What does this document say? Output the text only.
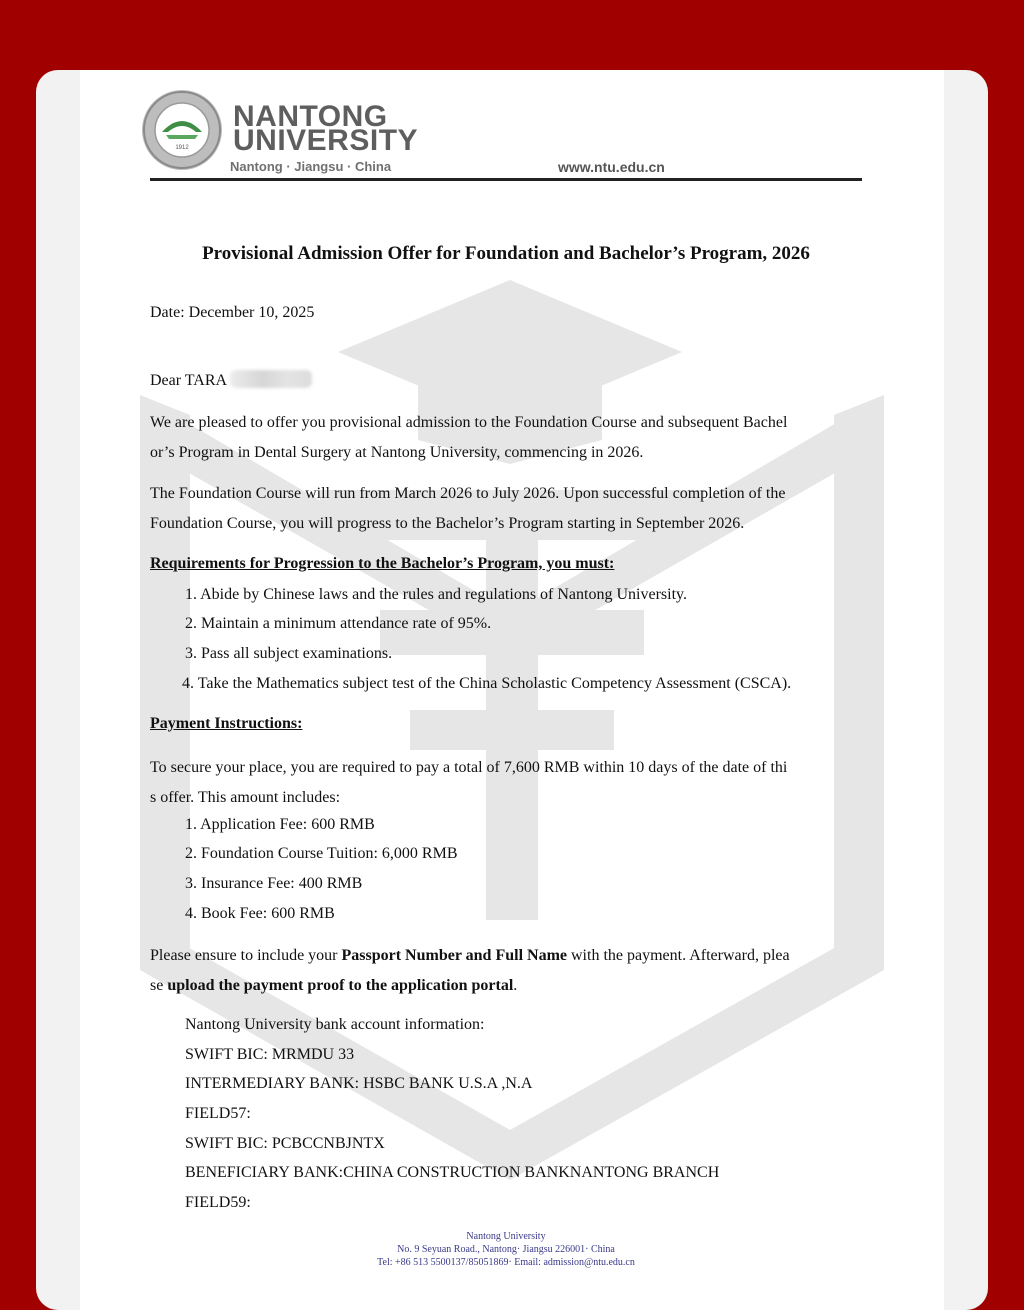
1912
NANTONG
UNIVERSITY
Nantong · Jiangsu · China	www.ntu.edu.cn
Provisional Admission Offer for Foundation and Bachelor’s Program, 2026
Date: December 10, 2025
Dear TARA
We are pleased to offer you provisional admission to the Foundation Course and subsequent Bachel
or’s Program in Dental Surgery at Nantong University, commencing in 2026.
The Foundation Course will run from March 2026 to July 2026. Upon successful completion of the
Foundation Course, you will progress to the Bachelor’s Program starting in September 2026.
Requirements for Progression to the Bachelor’s Program, you must:
1. Abide by Chinese laws and the rules and regulations of Nantong University.
2. Maintain a minimum attendance rate of 95%.
3. Pass all subject examinations.
4. Take the Mathematics subject test of the China Scholastic Competency Assessment (CSCA).
Payment Instructions:
To secure your place, you are required to pay a total of 7,600 RMB within 10 days of the date of thi
s offer. This amount includes:
1. Application Fee: 600 RMB
2. Foundation Course Tuition: 6,000 RMB
3. Insurance Fee: 400 RMB
4. Book Fee: 600 RMB
Please ensure to include your Passport Number and Full Name with the payment. Afterward, plea
se upload the payment proof to the application portal.
Nantong University bank account information:
SWIFT BIC: MRMDU 33
INTERMEDIARY BANK: HSBC BANK U.S.A ,N.A
FIELD57:
SWIFT BIC: PCBCCNBJNTX
BENEFICIARY BANK:CHINA CONSTRUCTION BANKNANTONG BRANCH
FIELD59:
Nantong University
No. 9 Seyuan Road., Nantong· Jiangsu 226001· China
Tel: +86 513 5500137/85051869· Email: admission@ntu.edu.cn
